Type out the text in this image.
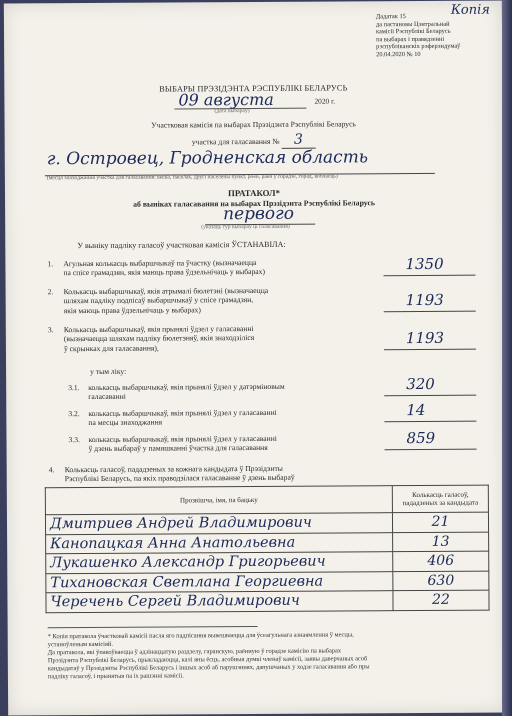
Копія
Дадатак 15
да пастановы Цэнтральнай
камісіі Рэспублікі Беларусь
па выбарах і правядзенні
рэспубліканскіх рэферэндумаў
20.04.2020 № 10
ВЫБАРЫ ПРЭЗІДЭНТА РЭСПУБЛІКІ БЕЛАРУСЬ
09 августа	2020 г.
(дата выбараў)
Участковая камісія па выбарах Прэзідэнта Рэспублікі Беларусь
участка для галасавання № 3
г. Островец, Гродненская область
(месца знаходжання участка для галасавання: вёска, пасёлак, другі населены пункт, роён, раён у горадзе, горад, вобласць)
ПРАТАКОЛ*
аб выніках галасавання на выбарах Прэзідэнта Рэспублікі Беларусь
первого
(указаць тур выбараў ці галасавання)
У выніку падліку галасоў участковая камісія ЎСТАНАВІЛА:
1. Агульная колькасць выбаршчыкаў па ўчастку (вызначаецца
па спісе грамадзян, якія маюць права ўдзельнічаць у выбарах)	1350
2. Колькасць выбаршчыкаў, якія атрымалі бюлетэні (вызначаецца
шляхам падліку подпісаў выбаршчыкаў у спісе грамадзян,
якія маюць права ўдзельнічаць у выбарах)
1193
3. Колькасць выбаршчыкаў, якія прынялі ўдзел у галасаванні
(вызначаецца шляхам падліку бюлетэняў, якія знаходзіліся
ў скрынках для галасавання),
1193
у тым ліку:
3.1. колькасць выбаршчыкаў, якія прынялі ўдзел у датэрміновым
галасаванні
320
3.2. колькасць выбаршчыкаў, якія прынялі ўдзел у галасаванні
па месцы знаходжання
14
3.3. колькасць выбаршчыкаў, якія прынялі ўдзел у галасаванні
ў дзень выбараў у памяшканні ўчастка для галасавання
859
4. Колькасць галасоў, пададзеных за кожнага кандыдата ў Прэзідэнты
Рэспублікі Беларусь, па якіх праводзілася галасаванне ў дзень выбараў
Прозвішча, імя, па бацьку	Колькасць галасоў, пададзеных за кандыдата
Дмитриев Андрей Владимирович	21
Канопацкая Анна Анатольевна	13
Лукашенко Александр Григорьевич	406
Тихановская Светлана Георгиевна	630
Черечень Сергей Владимирович	22
* Копія пратакола ўчастковай камісіі пасля яго падпісання вывешваецца для ўсеагульнага азнаямлення ў месцы,
устаноўленым камісіяй.
Да пратакола, які ўпакоўваецца ў адзінаццатую раздзелу, гаранскую, раённую ў горадзе камісію па выбарах
Прэзідэнта Рэспублікі Беларусь, прыкладаюцца, калі яны ёсць, асобныя думкі членаў камісіі, заявы даверчаных асоб
кандыдатаў у Прэзідэнты Рэспублікі Беларусь і іншых асоб аб парушэннях, дапушчаных у ходзе галасавання або пры
падліку галасоў, і прынятыя па іх рашэнні камісіі.
